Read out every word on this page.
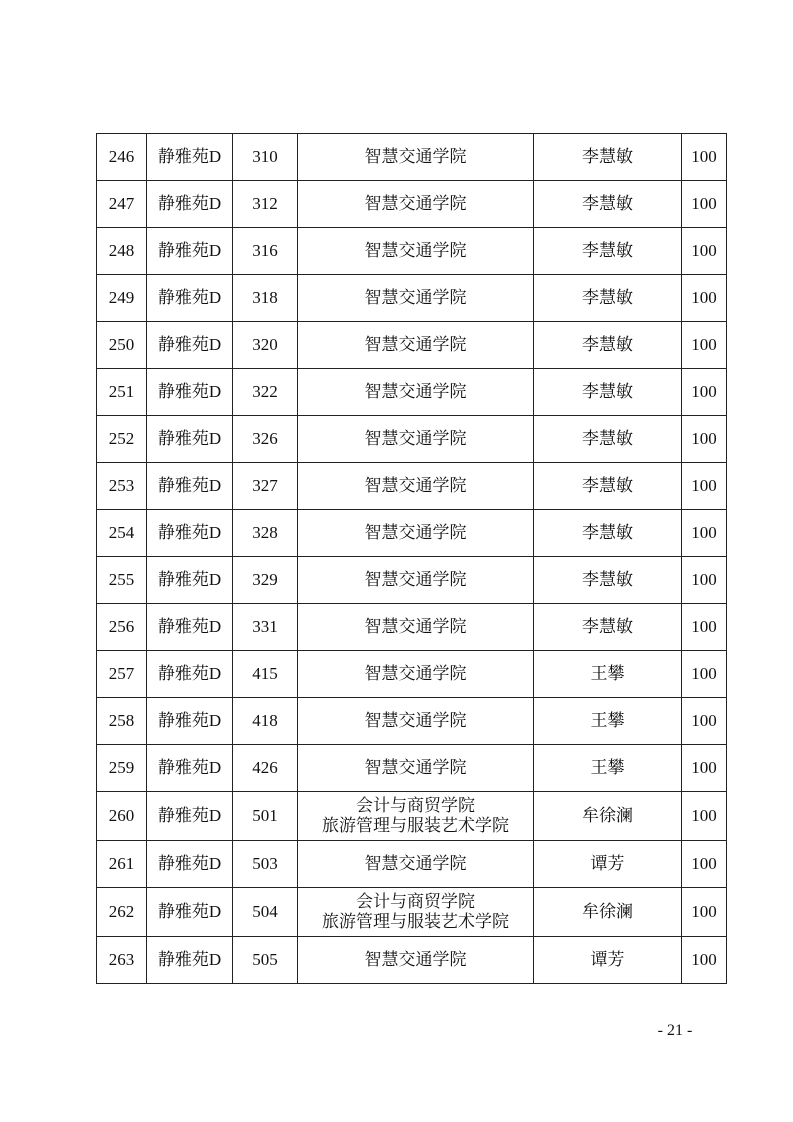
246	静雅苑D	310	智慧交通学院	李慧敏	100
247	静雅苑D	312	智慧交通学院	李慧敏	100
248	静雅苑D	316	智慧交通学院	李慧敏	100
249	静雅苑D	318	智慧交通学院	李慧敏	100
250	静雅苑D	320	智慧交通学院	李慧敏	100
251	静雅苑D	322	智慧交通学院	李慧敏	100
252	静雅苑D	326	智慧交通学院	李慧敏	100
253	静雅苑D	327	智慧交通学院	李慧敏	100
254	静雅苑D	328	智慧交通学院	李慧敏	100
255	静雅苑D	329	智慧交通学院	李慧敏	100
256	静雅苑D	331	智慧交通学院	李慧敏	100
257	静雅苑D	415	智慧交通学院	王攀	100
258	静雅苑D	418	智慧交通学院	王攀	100
259	静雅苑D	426	智慧交通学院	王攀	100
260	静雅苑D	501	会计与商贸学院
旅游管理与服装艺术学院	牟徐澜	100
261	静雅苑D	503	智慧交通学院	谭芳	100
262	静雅苑D	504	会计与商贸学院
旅游管理与服装艺术学院	牟徐澜	100
263	静雅苑D	505	智慧交通学院	谭芳	100
- 21 -
